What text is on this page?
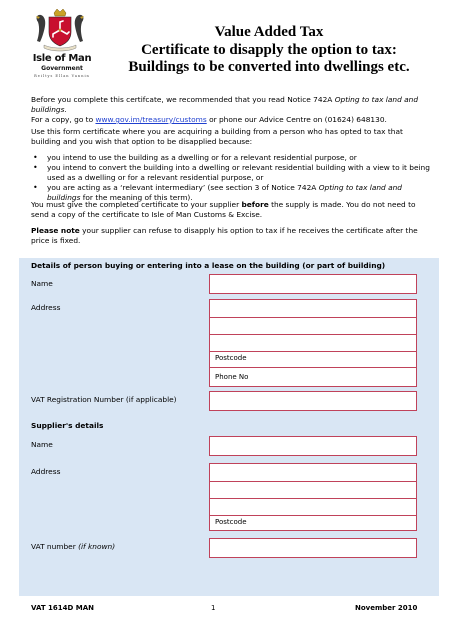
Isle of Man
Government
Reiltys Ellan Vannin
Value Added Tax
Certificate to disapply the option to tax:
Buildings to be converted into dwellings etc.
Before you complete this certifcate, we recommended that you read Notice 742A Opting to tax land and buildings.
For a copy, go to www.gov.im/treasury/customs or phone our Advice Centre on (01624) 648130.
Use this form certificate where you are acquiring a building from a person who has opted to tax that building and you wish that option to be disapplied because:
• you intend to use the building as a dwelling or for a relevant residential purpose, or
• you intend to convert the building into a dwelling or relevant residential building with a view to it being used as a dwelling or for a relevant residential purpose, or
• you are acting as a ‘relevant intermediary’ (see section 3 of Notice 742A Opting to tax land and buildings for the meaning of this term).
You must give the completed certificate to your supplier before the supply is made. You do not need to send a copy of the certificate to Isle of Man Customs & Excise.
Please note your supplier can refuse to disapply his option to tax if he receives the certificate after the price is fixed.
Details of person buying or entering into a lease on the building (or part of building)
Name
Address
Postcode
Phone No
VAT Registration Number (if applicable)
Supplier's details
Name
Address
Postcode
VAT number (if known)
VAT 1614D MAN	1	November 2010
